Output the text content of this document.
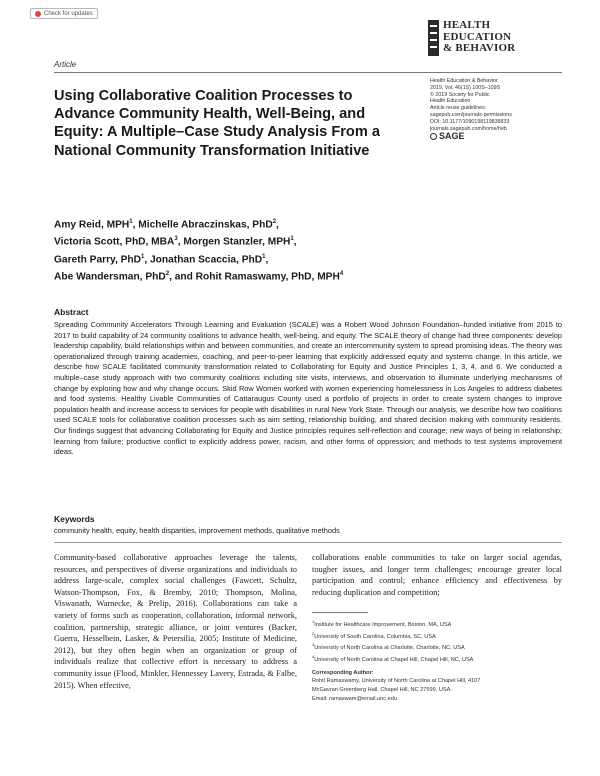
Check for updates
HEALTH
EDUCATION
& BEHAVIOR
Article
Health Education & Behavior
2019, Vol. 46(1S) 100S–109S
© 2019 Society for Public
Health Education
Article reuse guidelines:
sagepub.com/journals-permissions
DOI: 10.1177/1090198119838833
journals.sagepub.com/home/heb
SAGE
Using Collaborative Coalition Processes to Advance Community Health, Well-Being, and Equity: A Multiple–Case Study Analysis From a National Community Transformation Initiative
Amy Reid, MPH$^1$, Michelle Abraczinskas, PhD$^2$,
Victoria Scott, PhD, MBA$^3$, Morgen Stanzler, MPH$^1$,
Gareth Parry, PhD$^1$, Jonathan Scaccia, PhD$^1$,
Abe Wandersman, PhD$^2$, and Rohit Ramaswamy, PhD, MPH$^4$
Abstract

Spreading Community Accelerators Through Learning and Evaluation (SCALE) was a Robert Wood Johnson Foundation–funded initiative from 2015 to 2017 to build capability of 24 community coalitions to advance health, well-being, and equity. The SCALE theory of change had three components: develop leadership capability, build relationships within and between communities, and create an intercommunity system to spread promising ideas. The theory was operationalized through training academies, coaching, and peer-to-peer learning that explicitly addressed equity and systems change. In this article, we describe how SCALE facilitated community transformation related to Collaborating for Equity and Justice Principles 1, 3, 4, and 6. We conducted a multiple–case study approach with two community coalitions including site visits, interviews, and observation to illuminate underlying mechanisms of change by exploring how and why change occurs. Skid Row Women worked with women experiencing homelessness in Los Angeles to address diabetes and food systems. Healthy Livable Communities of Cattaraugus County used a portfolio of projects in order to create system changes to improve population health and increase access to services for people with disabilities in rural New York State. Through our analysis, we describe how two coalitions used SCALE tools for collaborative coalition processes such as aim setting, relationship building, and shared decision making with community residents. Our findings suggest that advancing Collaborating for Equity and Justice principles requires self-reflection and courage; new ways of being in relationship; learning from failure; productive conflict to explicitly address power, racism, and other forms of oppression; and methods to test systems improvement ideas.

Keywords
community health, equity, health disparities, improvement methods, qualitative methods

Community-based collaborative approaches leverage the talents, resources, and perspectives of diverse organizations and individuals to address large-scale, complex social challenges (Fawcett, Schultz, Watson-Thompson, Fox, & Bremby, 2010; Thompson, Molina, Viswanath, Warnecke, & Prelip, 2016). Collaborations can take a variety of forms such as cooperation, collaboration, informal network, coalition, partnership, strategic alliance, or joint ventures (Backer, Guerra, Hesselbein, Lasker, & Petersilia, 2005; Institute of Medicine, 2012), but they often begin when an organization or group of individuals realize that collective effort is necessary to address a community issue (Flood, Minkler, Hennessey Lavery, Estrada, & Falbe, 2015). When effective,

collaborations enable communities to take on larger social agendas, tougher issues, and longer term challenges; encourage greater local participation and control; enhance efficiency and effectiveness by reducing duplication and competition;

$^1$Institute for Healthcare Improvement, Boston, MA, USA
$^2$University of South Carolina, Columbia, SC, USA
$^3$University of North Carolina at Charlotte, Charlotte, NC, USA
$^4$University of North Carolina at Chapel Hill, Chapel Hill, NC, USA
Corresponding Author:
Rohit Ramaswamy, University of North Carolina at Chapel Hill, 4107
McGavran Greenberg Hall, Chapel Hill, NC 27599, USA.
Email: ramaswam@email.unc.edu
